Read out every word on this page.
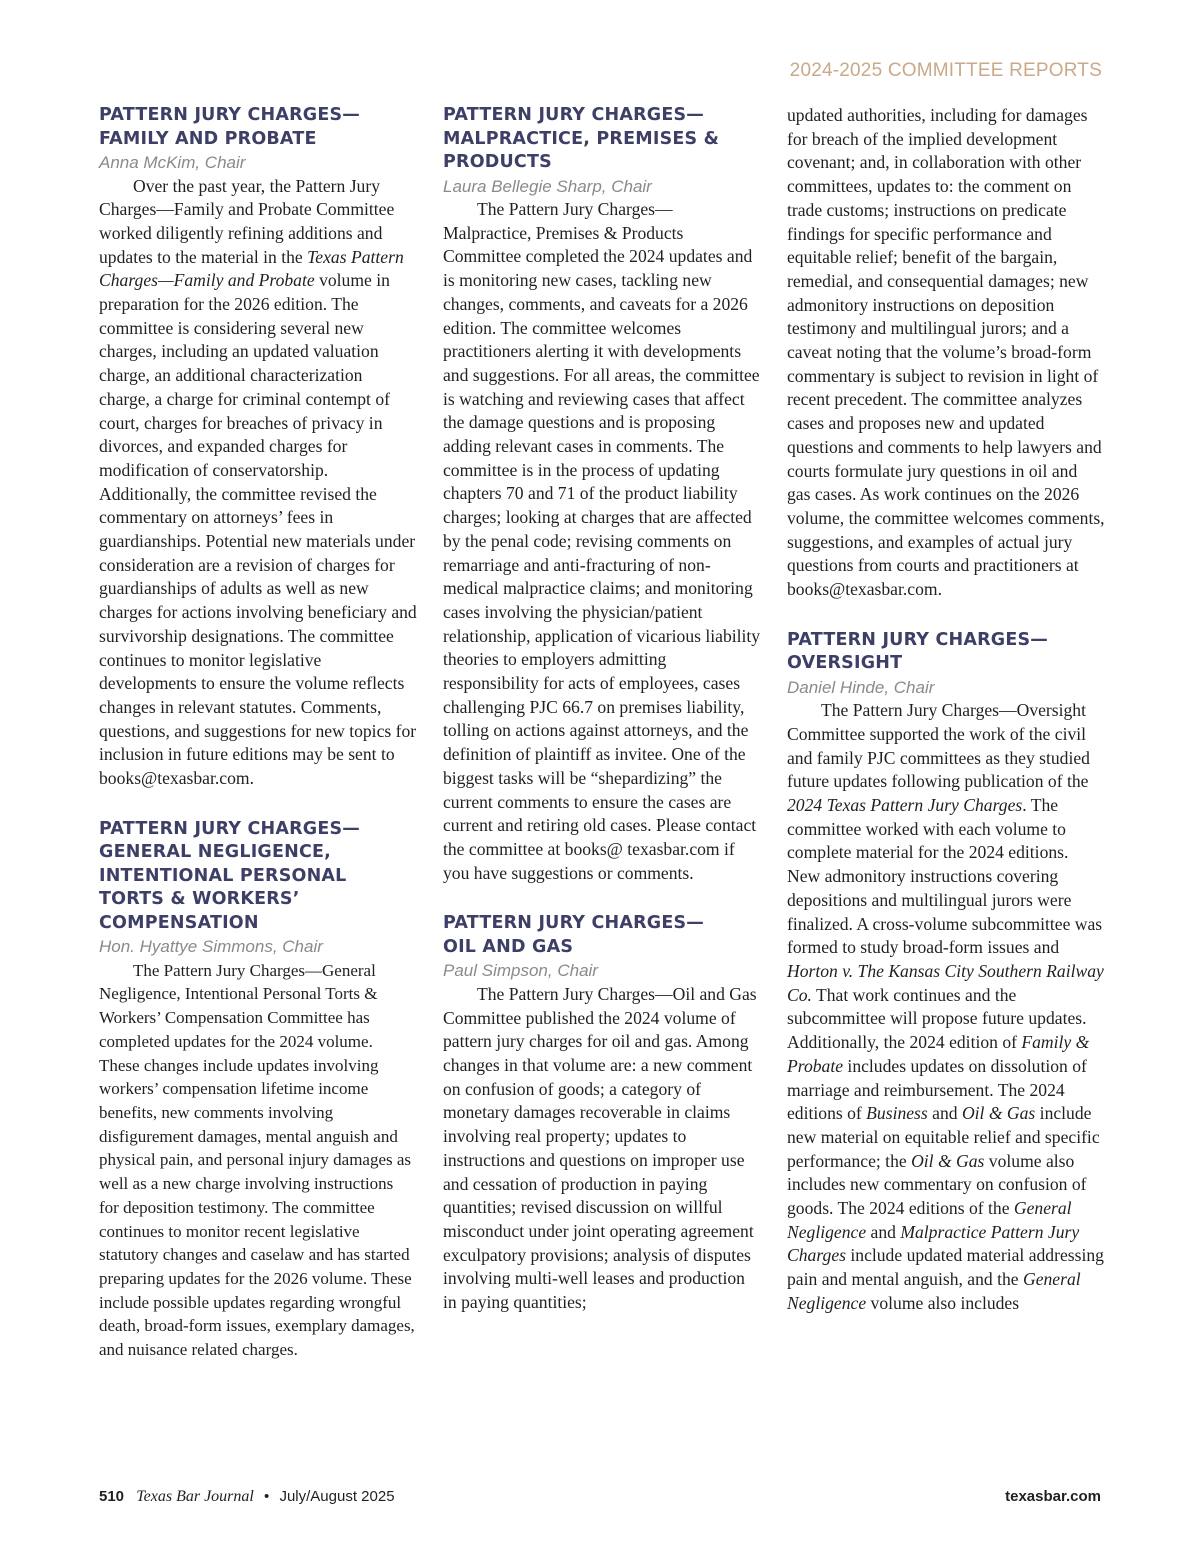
2024-2025 COMMITTEE REPORTS

PATTERN JURY CHARGES—
FAMILY AND PROBATE

Anna McKim, Chair

Over the past year, the Pattern Jury Charges—Family and Probate Committee worked diligently refining additions and updates to the material in the Texas Pattern Charges—Family and Probate volume in preparation for the 2026 edition. The committee is considering several new charges, including an updated valuation charge, an additional characterization charge, a charge for criminal contempt of court, charges for breaches of privacy in divorces, and expanded charges for modification of conservatorship. Additionally, the committee revised the commentary on attorneys’ fees in guardianships. Potential new materials under consideration are a revision of charges for guardianships of adults as well as new charges for actions involving beneficiary and survivorship designations. The committee continues to monitor legislative developments to ensure the volume reflects changes in relevant statutes. Comments, questions, and suggestions for new topics for inclusion in future editions may be sent to books@texasbar.com.

PATTERN JURY CHARGES—
GENERAL NEGLIGENCE,
INTENTIONAL PERSONAL
TORTS & WORKERS’
COMPENSATION

Hon. Hyattye Simmons, Chair

The Pattern Jury Charges—General Negligence, Intentional Personal Torts & Workers’ Compensation Committee has completed updates for the 2024 volume. These changes include updates involving workers’ compensation lifetime income benefits, new comments involving disfigurement damages, mental anguish and physical pain, and personal injury damages as well as a new charge involving instructions for deposition testimony. The committee continues to monitor recent legislative statutory changes and caselaw and has started preparing updates for the 2026 volume. These include possible updates regarding wrongful death, broad-form issues, exemplary damages, and nuisance related charges.

PATTERN JURY CHARGES—
MALPRACTICE, PREMISES &
PRODUCTS

Laura Bellegie Sharp, Chair

The Pattern Jury Charges—Malpractice, Premises & Products Committee completed the 2024 updates and is monitoring new cases, tackling new changes, comments, and caveats for a 2026 edition. The committee welcomes practitioners alerting it with developments and suggestions. For all areas, the committee is watching and reviewing cases that affect the damage questions and is proposing adding relevant cases in comments. The committee is in the process of updating chapters 70 and 71 of the product liability charges; looking at charges that are affected by the penal code; revising comments on remarriage and anti-fracturing of non-medical malpractice claims; and monitoring cases involving the physician/patient relationship, application of vicarious liability theories to employers admitting responsibility for acts of employees, cases challenging PJC 66.7 on premises liability, tolling on actions against attorneys, and the definition of plaintiff as invitee. One of the biggest tasks will be “shepardizing” the current comments to ensure the cases are current and retiring old cases. Please contact the committee at books@ texasbar.com if you have suggestions or comments.

PATTERN JURY CHARGES—
OIL AND GAS

Paul Simpson, Chair

The Pattern Jury Charges—Oil and Gas Committee published the 2024 volume of pattern jury charges for oil and gas. Among changes in that volume are: a new comment on confusion of goods; a category of monetary damages recoverable in claims involving real property; updates to instructions and questions on improper use and cessation of production in paying quantities; revised discussion on willful misconduct under joint operating agreement exculpatory provisions; analysis of disputes involving multi-well leases and production in paying quantities;

updated authorities, including for damages for breach of the implied development covenant; and, in collaboration with other committees, updates to: the comment on trade customs; instructions on predicate findings for specific performance and equitable relief; benefit of the bargain, remedial, and consequential damages; new admonitory instructions on deposition testimony and multilingual jurors; and a caveat noting that the volume’s broad-form commentary is subject to revision in light of recent precedent. The committee analyzes cases and proposes new and updated questions and comments to help lawyers and courts formulate jury questions in oil and gas cases. As work continues on the 2026 volume, the committee welcomes comments, suggestions, and examples of actual jury questions from courts and practitioners at books@texasbar.com.

PATTERN JURY CHARGES—
OVERSIGHT

Daniel Hinde, Chair

The Pattern Jury Charges—Oversight Committee supported the work of the civil and family PJC committees as they studied future updates following publication of the 2024 Texas Pattern Jury Charges. The committee worked with each volume to complete material for the 2024 editions. New admonitory instructions covering depositions and multilingual jurors were finalized. A cross-volume subcommittee was formed to study broad-form issues and Horton v. The Kansas City Southern Railway Co. That work continues and the subcommittee will propose future updates. Additionally, the 2024 edition of Family & Probate includes updates on dissolution of marriage and reimbursement. The 2024 editions of Business and Oil & Gas include new material on equitable relief and specific performance; the Oil & Gas volume also includes new commentary on confusion of goods. The 2024 editions of the General Negligence and Malpractice Pattern Jury Charges include updated material addressing pain and mental anguish, and the General Negligence volume also includes

510 Texas Bar Journal • July/August 2025	texasbar.com
